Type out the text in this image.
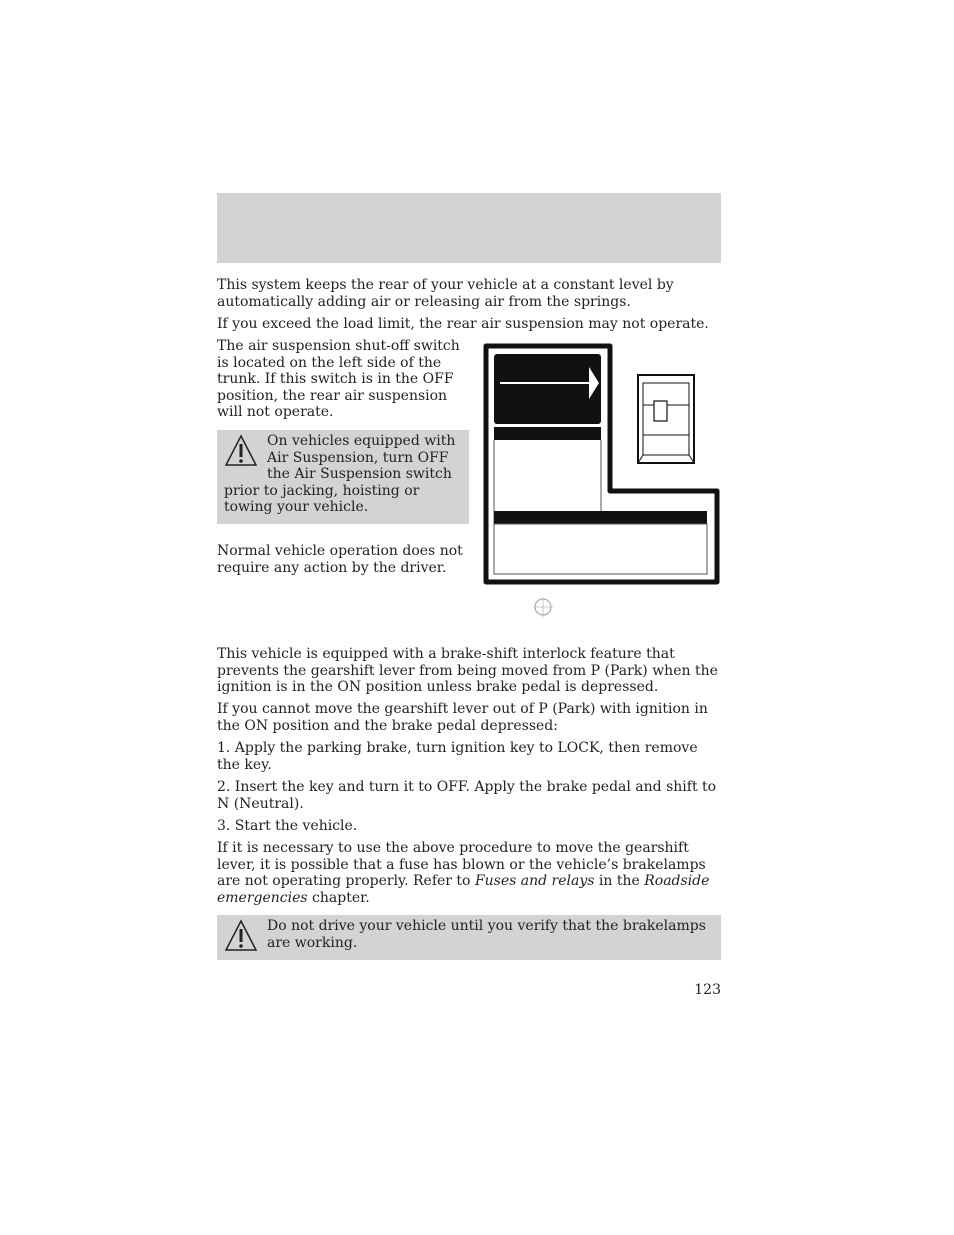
This system keeps the rear of your vehicle at a constant level by automatically adding air or releasing air from the springs.

If you exceed the load limit, the rear air suspension may not operate.

The air suspension shut-off switch is located on the left side of the trunk. If this switch is in the OFF position, the rear air suspension will not operate.

On vehicles equipped with Air Suspension, turn OFF the Air Suspension switch prior to jacking, hoisting or towing your vehicle.

Normal vehicle operation does not require any action by the driver.

This vehicle is equipped with a brake-shift interlock feature that prevents the gearshift lever from being moved from P (Park) when the ignition is in the ON position unless brake pedal is depressed.

If you cannot move the gearshift lever out of P (Park) with ignition in the ON position and the brake pedal depressed:

1. Apply the parking brake, turn ignition key to LOCK, then remove the key.

2. Insert the key and turn it to OFF. Apply the brake pedal and shift to N (Neutral).

3. Start the vehicle.

If it is necessary to use the above procedure to move the gearshift lever, it is possible that a fuse has blown or the vehicle’s brakelamps are not operating properly. Refer to Fuses and relays in the Roadside emergencies chapter.

Do not drive your vehicle until you verify that the brakelamps are working.

123
